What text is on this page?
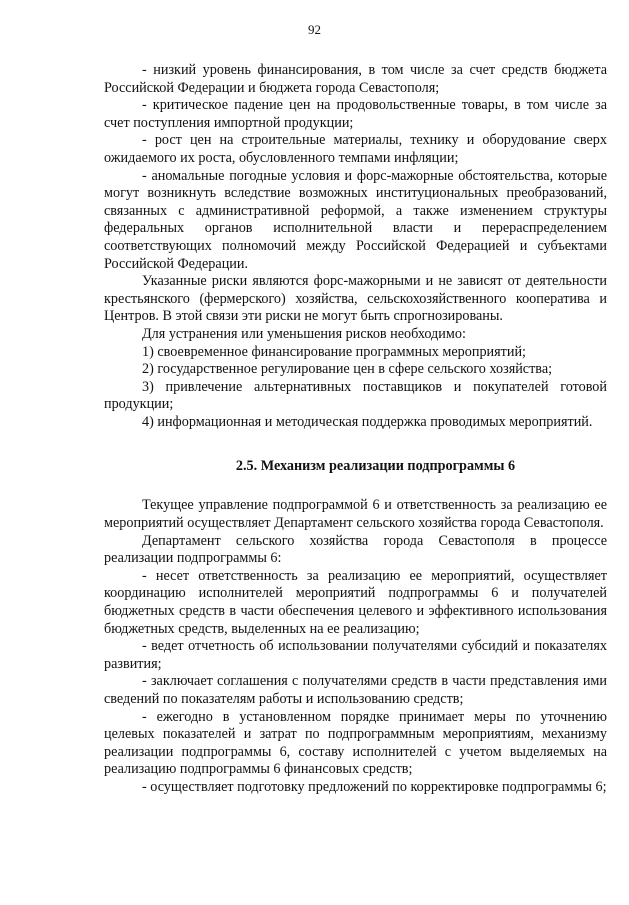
92

- низкий уровень финансирования, в том числе за счет средств бюджета Российской Федерации и бюджета города Севастополя;

- критическое падение цен на продовольственные товары, в том числе за счет поступления импортной продукции;

- рост цен на строительные материалы, технику и оборудование сверх ожидаемого их роста, обусловленного темпами инфляции;

- аномальные погодные условия и форс-мажорные обстоятельства, которые могут возникнуть вследствие возможных институциональных преобразований, связанных с административной реформой, а также изменением структуры федеральных органов исполнительной власти и перераспределением соответствующих полномочий между Российской Федерацией и субъектами Российской Федерации.

Указанные риски являются форс-мажорными и не зависят от деятельности крестьянского (фермерского) хозяйства, сельскохозяйственного кооператива и Центров. В этой связи эти риски не могут быть спрогнозированы.

Для устранения или уменьшения рисков необходимо:

1) своевременное финансирование программных мероприятий;

2) государственное регулирование цен в сфере сельского хозяйства;

3) привлечение альтернативных поставщиков и покупателей готовой продукции;

4) информационная и методическая поддержка проводимых мероприятий.

2.5. Механизм реализации подпрограммы 6

Текущее управление подпрограммой 6 и ответственность за реализацию ее мероприятий осуществляет Департамент сельского хозяйства города Севастополя.

Департамент сельского хозяйства города Севастополя в процессе реализации подпрограммы 6:

- несет ответственность за реализацию ее мероприятий, осуществляет координацию исполнителей мероприятий подпрограммы 6 и получателей бюджетных средств в части обеспечения целевого и эффективного использования бюджетных средств, выделенных на ее реализацию;

- ведет отчетность об использовании получателями субсидий и показателях развития;

- заключает соглашения с получателями средств в части представления ими сведений по показателям работы и использованию средств;

- ежегодно в установленном порядке принимает меры по уточнению целевых показателей и затрат по подпрограммным мероприятиям, механизму реализации подпрограммы 6, составу исполнителей с учетом выделяемых на реализацию подпрограммы 6 финансовых средств;

- осуществляет подготовку предложений по корректировке подпрограммы 6;
